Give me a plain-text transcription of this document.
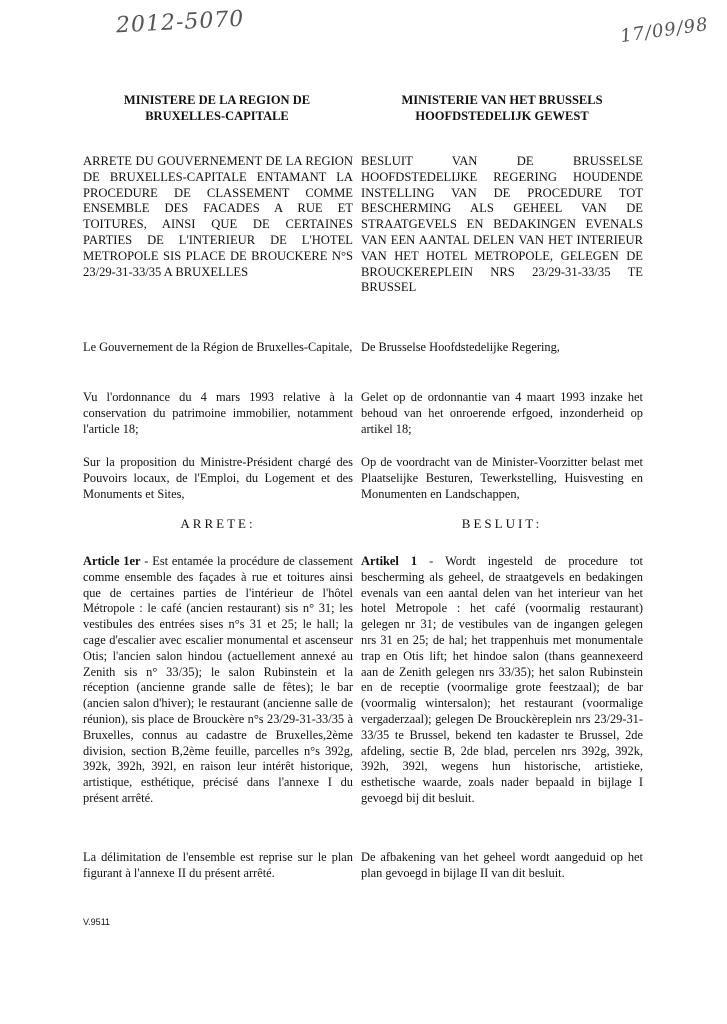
2012-5070	17/09/98
MINISTERE DE LA REGION DE BRUXELLES-CAPITALE
MINISTERIE VAN HET BRUSSELS HOOFDSTEDELIJK GEWEST
ARRETE DU GOUVERNEMENT DE LA REGION DE BRUXELLES-CAPITALE ENTAMANT LA PROCEDURE DE CLASSEMENT COMME ENSEMBLE DES FACADES A RUE ET TOITURES, AINSI QUE DE CERTAINES PARTIES DE L'INTERIEUR DE L'HOTEL METROPOLE SIS PLACE DE BROUCKERE N°S 23/29-31-33/35 A BRUXELLES
BESLUIT VAN DE BRUSSELSE HOOFDSTEDELIJKE REGERING HOUDENDE INSTELLING VAN DE PROCEDURE TOT BESCHERMING ALS GEHEEL VAN DE STRAATGEVELS EN BEDAKINGEN EVENALS VAN EEN AANTAL DELEN VAN HET INTERIEUR VAN HET HOTEL METROPOLE, GELEGEN DE BROUCKEREPLEIN NRS 23/29-31-33/35 TE BRUSSEL
Le Gouvernement de la Région de Bruxelles-Capitale, De Brusselse Hoofdstedelijke Regering,
Vu l'ordonnance du 4 mars 1993 relative à la conservation du patrimoine immobilier, notamment l'article 18;
Gelet op de ordonnantie van 4 maart 1993 inzake het behoud van het onroerende erfgoed, inzonderheid op artikel 18;
Sur la proposition du Ministre-Président chargé des Pouvoirs locaux, de l'Emploi, du Logement et des Monuments et Sites,
Op de voordracht van de Minister-Voorzitter belast met Plaatselijke Besturen, Tewerkstelling, Huisvesting en Monumenten en Landschappen,
ARRETE:	BESLUIT:
Article 1er - Est entamée la procédure de classement comme ensemble des façades à rue et toitures ainsi que de certaines parties de l'intérieur de l'hôtel Métropole : le café (ancien restaurant) sis n° 31; les vestibules des entrées sises n°s 31 et 25; le hall; la cage d'escalier avec escalier monumental et ascenseur Otis; l'ancien salon hindou (actuellement annexé au Zenith sis n° 33/35); le salon Rubinstein et la réception (ancienne grande salle de fêtes); le bar (ancien salon d'hiver); le restaurant (ancienne salle de réunion), sis place de Brouckère n°s 23/29-31-33/35 à Bruxelles, connus au cadastre de Bruxelles,2ème division, section B,2ème feuille, parcelles n°s 392g, 392k, 392h, 392l, en raison leur intérêt historique, artistique, esthétique, précisé dans l'annexe I du présent arrêté.
Artikel 1 - Wordt ingesteld de procedure tot bescherming als geheel, de straatgevels en bedakingen evenals van een aantal delen van het interieur van het hotel Metropole : het café (voormalig restaurant) gelegen nr 31; de vestibules van de ingangen gelegen nrs 31 en 25; de hal; het trappenhuis met monumentale trap en Otis lift; het hindoe salon (thans geannexeerd aan de Zenith gelegen nrs 33/35); het salon Rubinstein en de receptie (voormalige grote feestzaal); de bar (voormalig wintersalon); het restaurant (voormalige vergaderzaal); gelegen De Brouckèreplein nrs 23/29-31-33/35 te Brussel, bekend ten kadaster te Brussel, 2de afdeling, sectie B, 2de blad, percelen nrs 392g, 392k, 392h, 392l, wegens hun historische, artistieke, esthetische waarde, zoals nader bepaald in bijlage I gevoegd bij dit besluit.
La délimitation de l'ensemble est reprise sur le plan figurant à l'annexe II du présent arrêté.
De afbakening van het geheel wordt aangeduid op het plan gevoegd in bijlage II van dit besluit.
V.9511
